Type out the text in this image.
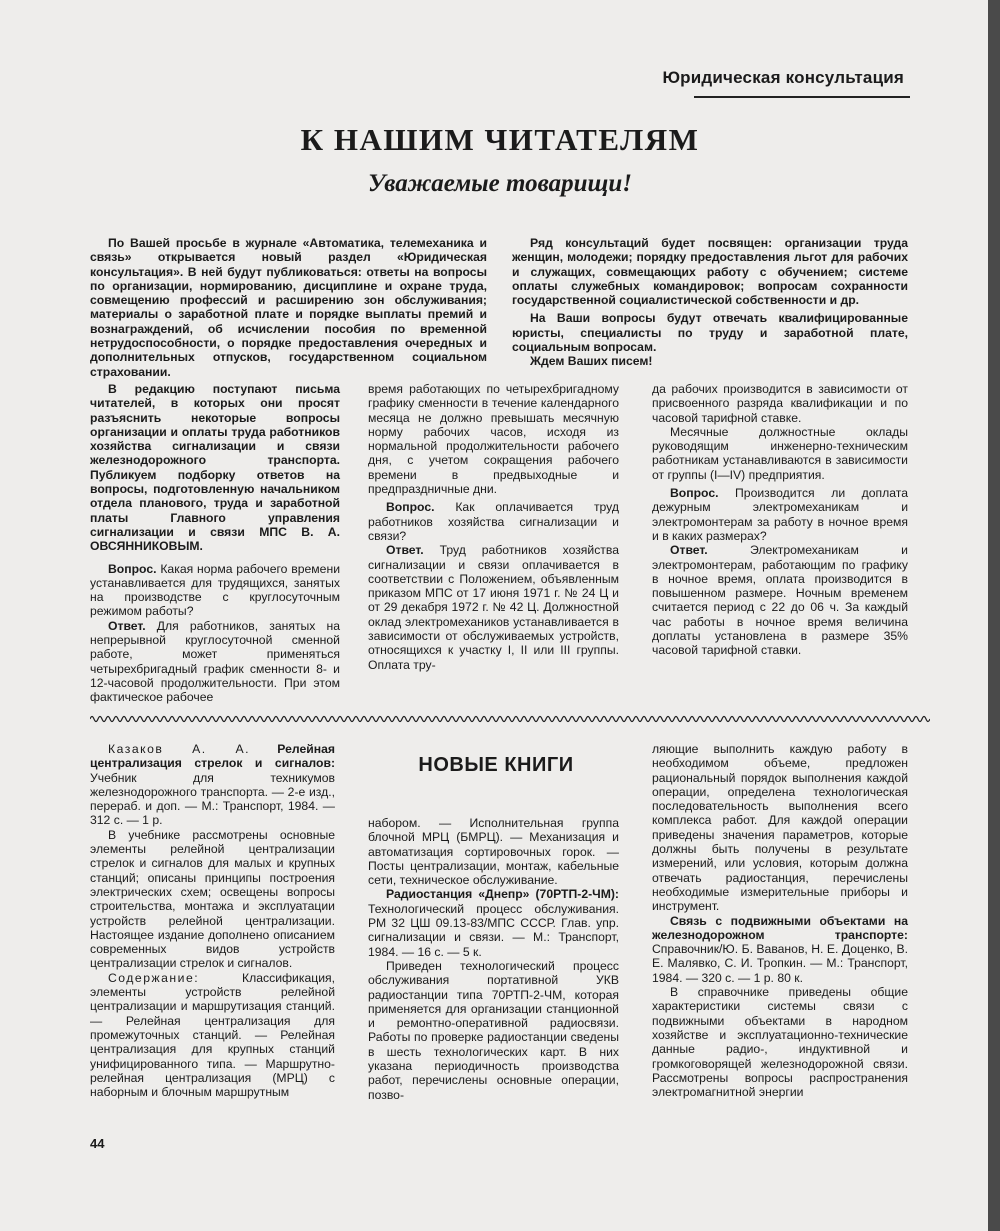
Юридическая консультация
К НАШИМ ЧИТАТЕЛЯМ
Уважаемые товарищи!

По Вашей просьбе в журнале «Автоматика, телемеханика и связь» открывается новый раздел «Юридическая консультация». В ней будут публиковаться: ответы на вопросы по организации, нормированию, дисциплине и охране труда, совмещению профессий и расширению зон обслуживания; материалы о заработной плате и порядке выплаты премий и вознаграждений, об исчислении пособия по временной нетрудоспособности, о порядке предоставления очередных и дополнительных отпусков, государственном социальном страховании.

Ряд консультаций будет посвящен: организации труда женщин, молодежи; порядку предоставления льгот для рабочих и служащих, совмещающих работу с обучением; системе оплаты служебных командировок; вопросам сохранности государственной социалистической собственности и др.

На Ваши вопросы будут отвечать квалифицированные юристы, специалисты по труду и заработной плате, социальным вопросам.

Ждем Ваших писем!

В редакцию поступают письма читателей, в которых они просят разъяснить некоторые вопросы организации и оплаты труда работников хозяйства сигнализации и связи железнодорожного транспорта. Публикуем подборку ответов на вопросы, подготовленную начальником отдела планового, труда и заработной платы Главного управления сигнализации и связи МПС В. А. ОВСЯННИКОВЫМ.

Вопрос. Какая норма рабочего времени устанавливается для трудящихся, занятых на производстве с круглосуточным режимом работы?

Ответ. Для работников, занятых на непрерывной круглосуточной сменной работе, может применяться четырехбригадный график сменности 8- и 12-часовой продолжительности. При этом фактическое рабочее

время работающих по четырехбригадному графику сменности в течение календарного месяца не должно превышать месячную норму рабочих часов, исходя из нормальной продолжительности рабочего дня, с учетом сокращения рабочего времени в предвыходные и предпраздничные дни.

Вопрос. Как оплачивается труд работников хозяйства сигнализации и связи?

Ответ. Труд работников хозяйства сигнализации и связи оплачивается в соответствии с Положением, объявленным приказом МПС от 17 июня 1971 г. № 24 Ц и от 29 декабря 1972 г. № 42 Ц. Должностной оклад электромехаников устанавливается в зависимости от обслуживаемых устройств, относящихся к участку I, II или III группы. Оплата тру-

да рабочих производится в зависимости от присвоенного разряда квалификации и по часовой тарифной ставке.

Месячные должностные оклады руководящим инженерно-техническим работникам устанавливаются в зависимости от группы (I—IV) предприятия.

Вопрос. Производится ли доплата дежурным электромеханикам и электромонтерам за работу в ночное время и в каких размерах?

Ответ. Электромеханикам и электромонтерам, работающим по графику в ночное время, оплата производится в повышенном размере. Ночным временем считается период с 22 до 06 ч. За каждый час работы в ночное время величина доплаты установлена в размере 35% часовой тарифной ставки.

НОВЫЕ КНИГИ

Казаков А. А. Релейная централизация стрелок и сигналов: Учебник для техникумов железнодорожного транспорта. — 2-е изд., перераб. и доп. — М.: Транспорт, 1984. — 312 с. — 1 р.

В учебнике рассмотрены основные элементы релейной централизации стрелок и сигналов для малых и крупных станций; описаны принципы построения электрических схем; освещены вопросы строительства, монтажа и эксплуатации устройств релейной централизации. Настоящее издание дополнено описанием современных видов устройств централизации стрелок и сигналов.

Содержание: Классификация, элементы устройств релейной централизации и маршрутизация станций. — Релейная централизация для промежуточных станций. — Релейная централизация для крупных станций унифицированного типа. — Маршрутно-релейная централизация (МРЦ) с наборным и блочным маршрутным

набором. — Исполнительная группа блочной МРЦ (БМРЦ). — Механизация и автоматизация сортировочных горок. — Посты централизации, монтаж, кабельные сети, техническое обслуживание.

Радиостанция «Днепр» (70РТП-2-ЧМ): Технологический процесс обслуживания. РМ 32 ЦШ 09.13-83/МПС СССР. Глав. упр. сигнализации и связи. — М.: Транспорт, 1984. — 16 с. — 5 к.

Приведен технологический процесс обслуживания портативной УКВ радиостанции типа 70РТП-2-ЧМ, которая применяется для организации станционной и ремонтно-оперативной радиосвязи. Работы по проверке радиостанции сведены в шесть технологических карт. В них указана периодичность производства работ, перечислены основные операции, позво-

ляющие выполнить каждую работу в необходимом объеме, предложен рациональный порядок выполнения каждой операции, определена технологическая последовательность выполнения всего комплекса работ. Для каждой операции приведены значения параметров, которые должны быть получены в результате измерений, или условия, которым должна отвечать радиостанция, перечислены необходимые измерительные приборы и инструмент.

Связь с подвижными объектами на железнодорожном транспорте: Справочник/Ю. Б. Ваванов, Н. Е. Доценко, В. Е. Малявко, С. И. Тропкин. — М.: Транспорт, 1984. — 320 с. — 1 р. 80 к.

В справочнике приведены общие характеристики системы связи с подвижными объектами в народном хозяйстве и эксплуатационно-технические данные радио-, индуктивной и громкоговорящей железнодорожной связи. Рассмотрены вопросы распространения электромагнитной энергии

44
